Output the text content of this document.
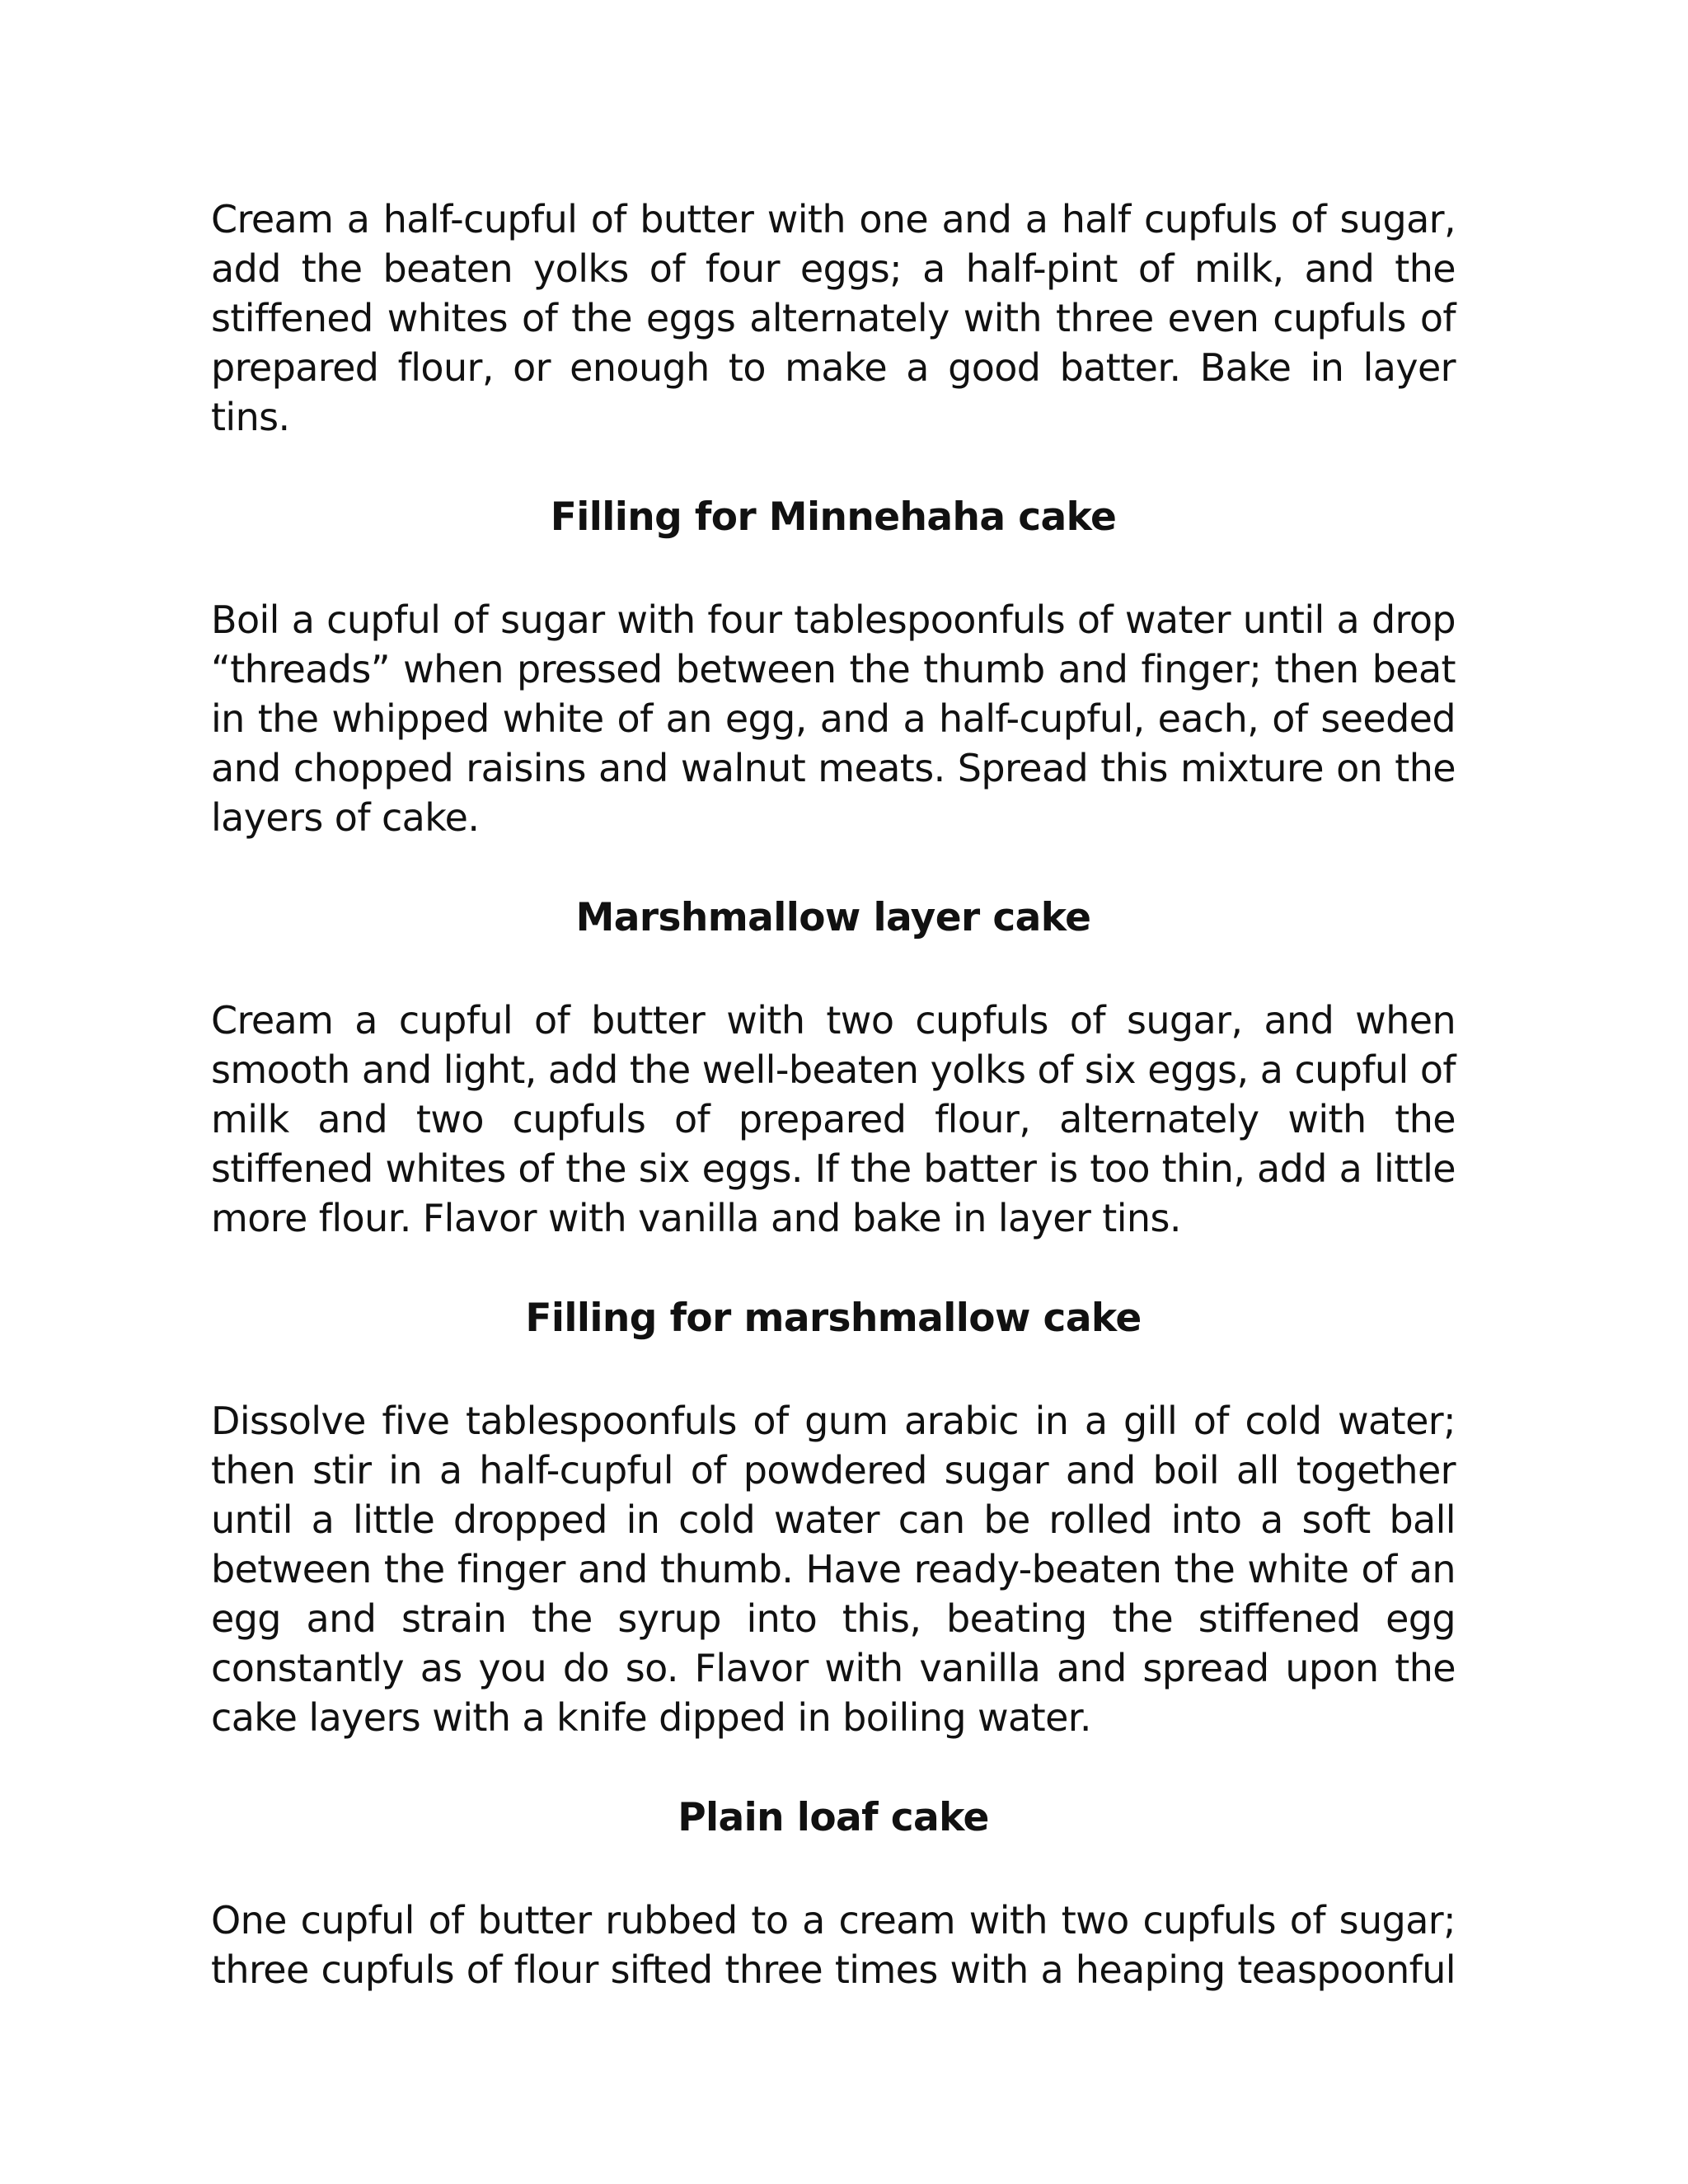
Cream a half-cupful of butter with one and a half cupfuls of sugar, add the beaten yolks of four eggs; a half-pint of milk, and the stiffened whites of the eggs alternately with three even cupfuls of prepared flour, or enough to make a good batter. Bake in layer tins.

Filling for Minnehaha cake

Boil a cupful of sugar with four tablespoonfuls of water until a drop “threads” when pressed between the thumb and finger; then beat in the whipped white of an egg, and a half-cupful, each, of seeded and chopped raisins and walnut meats. Spread this mixture on the layers of cake.

Marshmallow layer cake

Cream a cupful of butter with two cupfuls of sugar, and when smooth and light, add the well-beaten yolks of six eggs, a cupful of milk and two cupfuls of prepared flour, alternately with the stiffened whites of the six eggs. If the batter is too thin, add a little more flour. Flavor with vanilla and bake in layer tins.

Filling for marshmallow cake

Dissolve five tablespoonfuls of gum arabic in a gill of cold water; then stir in a half-cupful of powdered sugar and boil all together until a little dropped in cold water can be rolled into a soft ball between the finger and thumb. Have ready-beaten the white of an egg and strain the syrup into this, beating the stiffened egg constantly as you do so. Flavor with vanilla and spread upon the cake layers with a knife dipped in boiling water.

Plain loaf cake

One cupful of butter rubbed to a cream with two cupfuls of sugar; three cupfuls of flour sifted three times with a heaping teaspoonful
